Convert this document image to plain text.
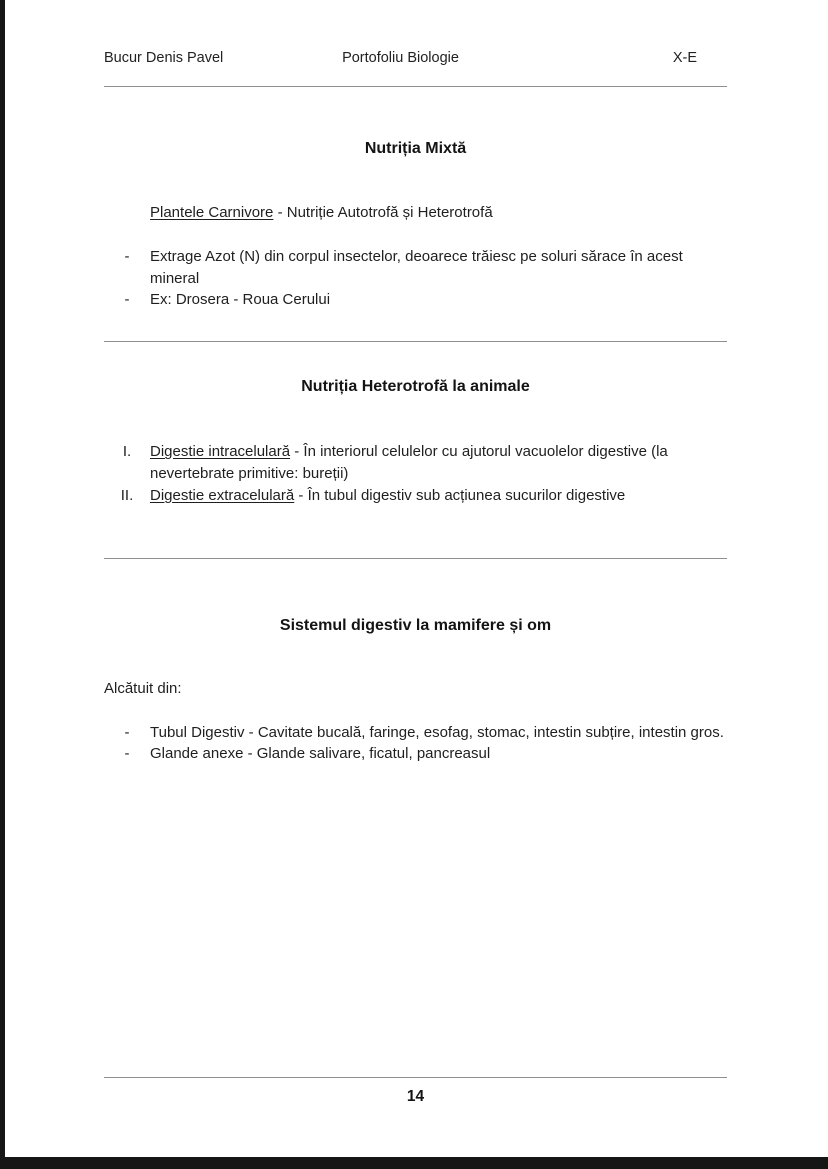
Bucur Denis Pavel	Portofoliu Biologie	X-E
Nutriția Mixtă
Plantele Carnivore - Nutriție Autotrofă și Heterotrofă
-	Extrage Azot (N) din corpul insectelor, deoarece trăiesc pe soluri sărace în acest mineral
-	Ex: Drosera - Roua Cerului
Nutriția Heterotrofă la animale
I.	Digestie intracelulară - În interiorul celulelor cu ajutorul vacuolelor digestive (la nevertebrate primitive: bureții)
II.	Digestie extracelulară - În tubul digestiv sub acțiunea sucurilor digestive
Sistemul digestiv la mamifere și om
Alcătuit din:
-	Tubul Digestiv - Cavitate bucală, faringe, esofag, stomac, intestin subțire, intestin gros.
-	Glande anexe - Glande salivare, ficatul, pancreasul
14
